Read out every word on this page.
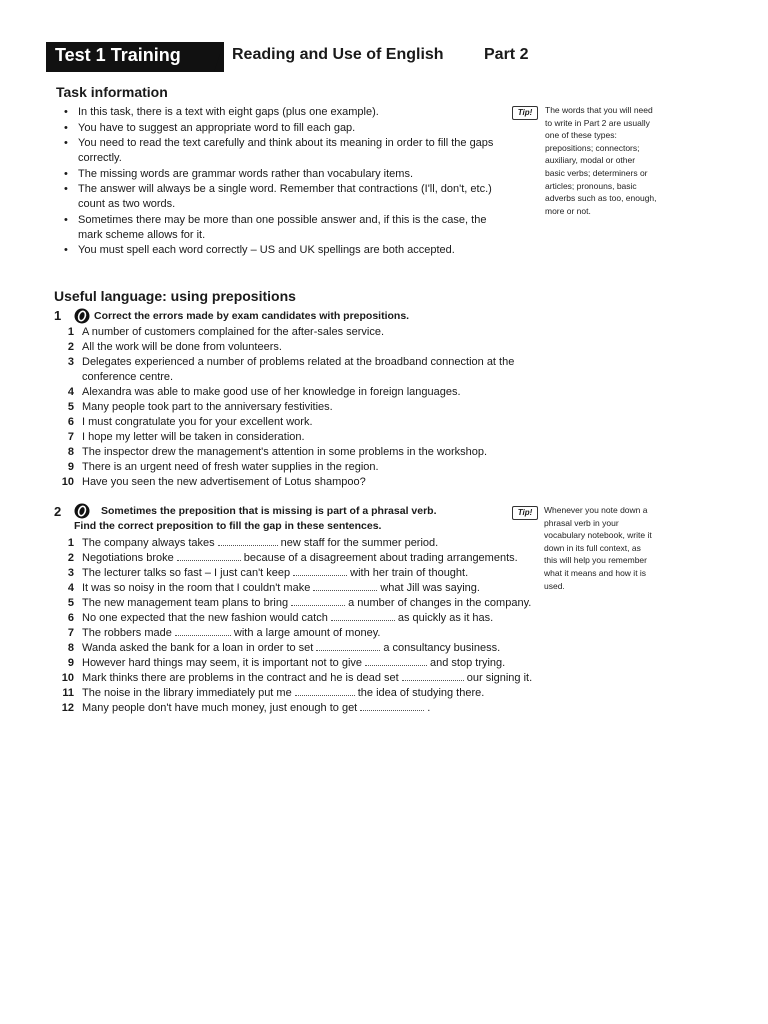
Test 1 Training	Reading and Use of English	Part 2
Task information
• In this task, there is a text with eight gaps (plus one example).
• You have to suggest an appropriate word to fill each gap.
• You need to read the text carefully and think about its meaning in order to fill the gaps correctly.
• The missing words are grammar words rather than vocabulary items.
• The answer will always be a single word. Remember that contractions (I'll, don't, etc.) count as two words.
• Sometimes there may be more than one possible answer and, if this is the case, the mark scheme allows for it.
• You must spell each word correctly – US and UK spellings are both accepted.
Tip!	The words that you will need to write in Part 2 are usually one of these types: prepositions; connectors; auxiliary, modal or other basic verbs; determiners or articles; pronouns, basic adverbs such as too, enough, more or not.
Useful language: using prepositions
1	Correct the errors made by exam candidates with prepositions.
1 A number of customers complained for the after-sales service.
2 All the work will be done from volunteers.
3 Delegates experienced a number of problems related at the broadband connection at the conference centre.
4 Alexandra was able to make good use of her knowledge in foreign languages.
5 Many people took part to the anniversary festivities.
6 I must congratulate you for your excellent work.
7 I hope my letter will be taken in consideration.
8 The inspector drew the management's attention in some problems in the workshop.
9 There is an urgent need of fresh water supplies in the region.
10 Have you seen the new advertisement of Lotus shampoo?
2	Sometimes the preposition that is missing is part of a phrasal verb.
Find the correct preposition to fill the gap in these sentences.
1 The company always takes	new staff for the summer period.
2 Negotiations broke	because of a disagreement about trading arrangements.
3 The lecturer talks so fast – I just can't keep	with her train of thought.
4 It was so noisy in the room that I couldn't make	what Jill was saying.
5 The new management team plans to bring	a number of changes in the company.
6 No one expected that the new fashion would catch	as quickly as it has.
7 The robbers made	with a large amount of money.
8 Wanda asked the bank for a loan in order to set	a consultancy business.
9 However hard things may seem, it is important not to give	and stop trying.
10 Mark thinks there are problems in the contract and he is dead set	our signing it.
11 The noise in the library immediately put me	the idea of studying there.
12 Many people don't have much money, just enough to get	.
Tip!	Whenever you note down a phrasal verb in your vocabulary notebook, write it down in its full context, as this will help you remember what it means and how it is used.
